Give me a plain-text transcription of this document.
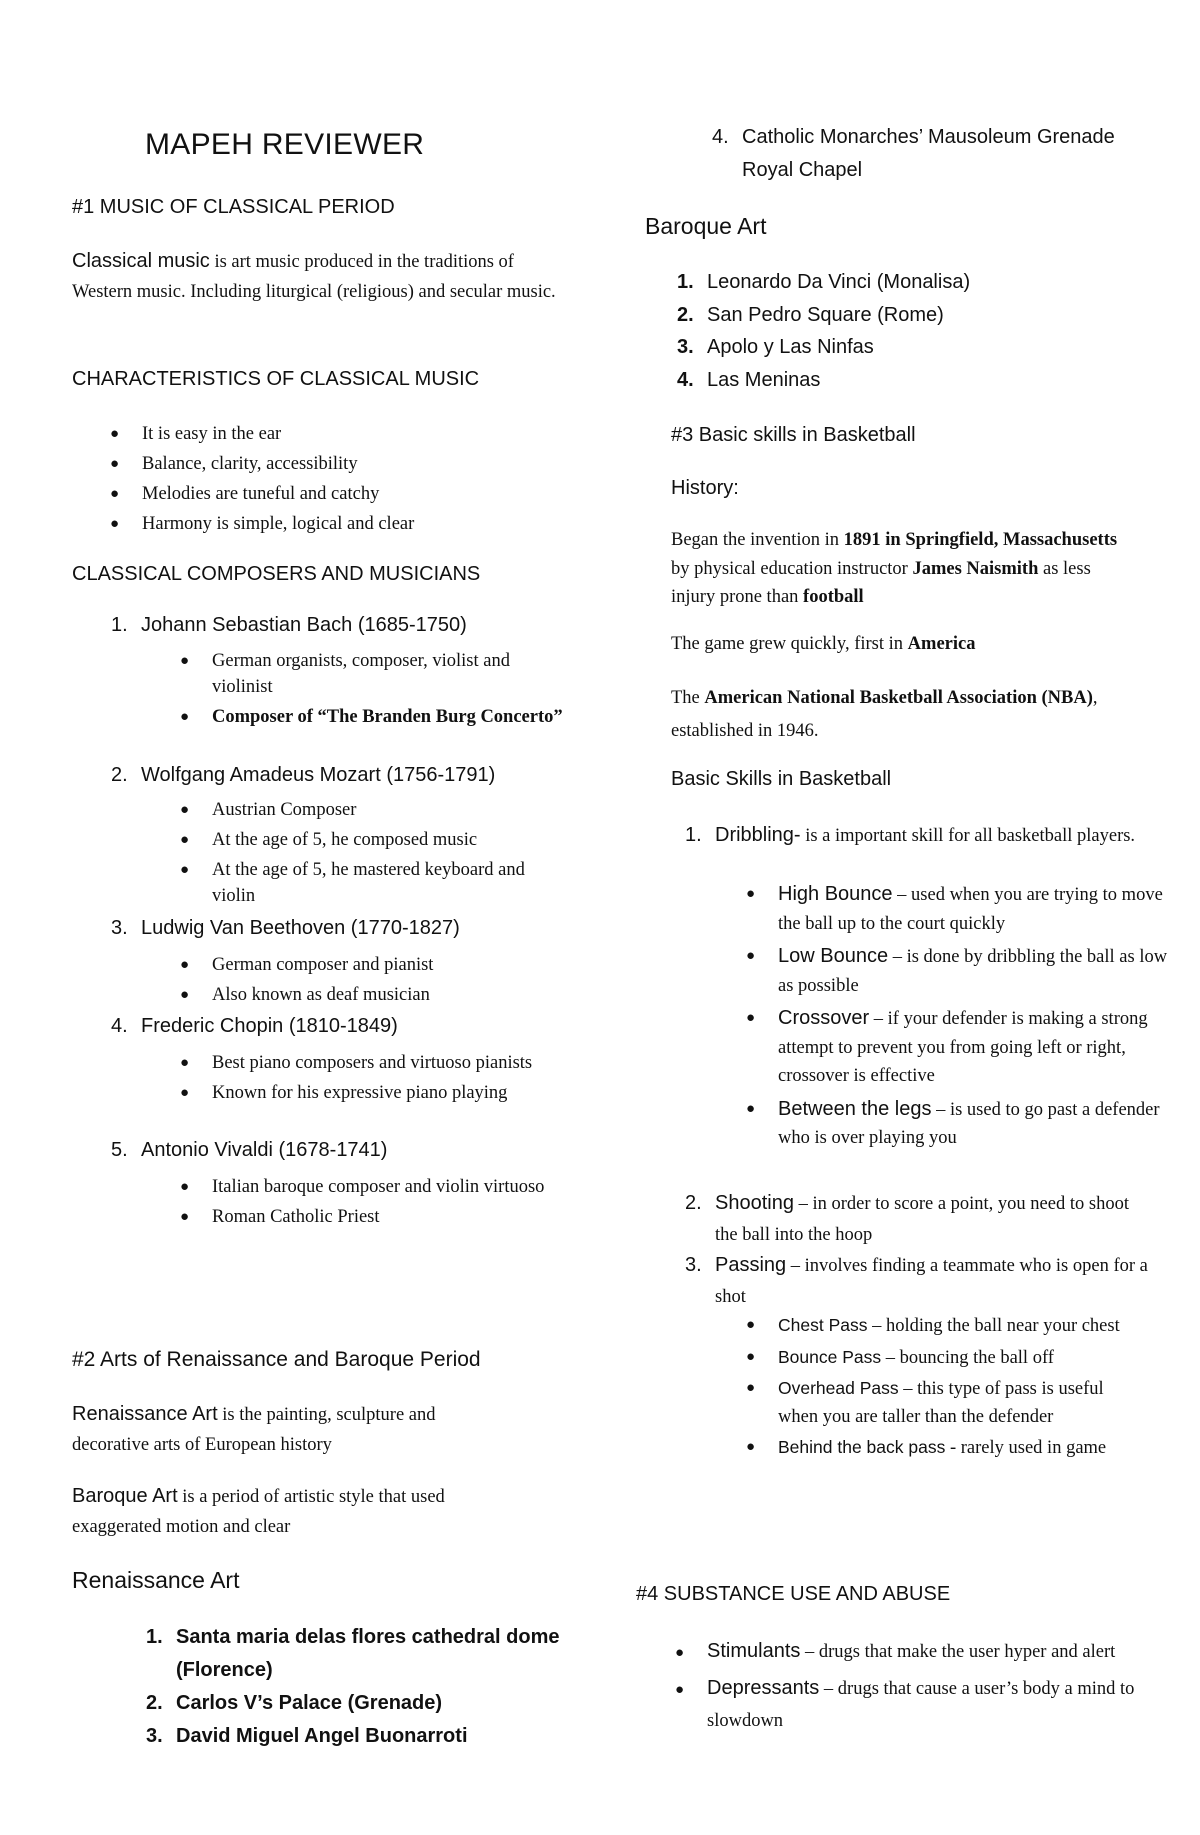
MAPEH REVIEWER
#1 MUSIC OF CLASSICAL PERIOD
Classical music is art music produced in the traditions of Western music. Including liturgical (religious) and secular music.
CHARACTERISTICS OF CLASSICAL MUSIC
● It is easy in the ear
● Balance, clarity, accessibility
● Melodies are tuneful and catchy
● Harmony is simple, logical and clear
CLASSICAL COMPOSERS AND MUSICIANS
1. Johann Sebastian Bach (1685-1750)
● German organists, composer, violist and violinist
● Composer of “The Branden Burg Concerto”
2. Wolfgang Amadeus Mozart (1756-1791)
● Austrian Composer
● At the age of 5, he composed music
● At the age of 5, he mastered keyboard and violin
3. Ludwig Van Beethoven (1770-1827)
● German composer and pianist
● Also known as deaf musician
4. Frederic Chopin (1810-1849)
● Best piano composers and virtuoso pianists
● Known for his expressive piano playing
5. Antonio Vivaldi (1678-1741)
● Italian baroque composer and violin virtuoso
● Roman Catholic Priest
#2 Arts of Renaissance and Baroque Period
Renaissance Art is the painting, sculpture and decorative arts of European history
Baroque Art is a period of artistic style that used exaggerated motion and clear
Renaissance Art
1. Santa maria delas flores cathedral dome (Florence)
2. Carlos V’s Palace (Grenade)
3. David Miguel Angel Buonarroti
4. Catholic Monarches’ Mausoleum Grenade Royal Chapel
Baroque Art
1. Leonardo Da Vinci (Monalisa)
2. San Pedro Square (Rome)
3. Apolo y Las Ninfas
4. Las Meninas
#3 Basic skills in Basketball
History:
Began the invention in 1891 in Springfield, Massachusetts by physical education instructor James Naismith as less injury prone than football
The game grew quickly, first in America
The American National Basketball Association (NBA), established in 1946.
Basic Skills in Basketball
1. Dribbling- is a important skill for all basketball players.
● High Bounce – used when you are trying to move the ball up to the court quickly
● Low Bounce – is done by dribbling the ball as low as possible
● Crossover – if your defender is making a strong attempt to prevent you from going left or right, crossover is effective
● Between the legs – is used to go past a defender who is over playing you
2. Shooting – in order to score a point, you need to shoot the ball into the hoop
3. Passing – involves finding a teammate who is open for a shot
● Chest Pass – holding the ball near your chest
● Bounce Pass – bouncing the ball off
● Overhead Pass – this type of pass is useful when you are taller than the defender
● Behind the back pass - rarely used in game
#4 SUBSTANCE USE AND ABUSE
● Stimulants – drugs that make the user hyper and alert
● Depressants – drugs that cause a user’s body a mind to slowdown
